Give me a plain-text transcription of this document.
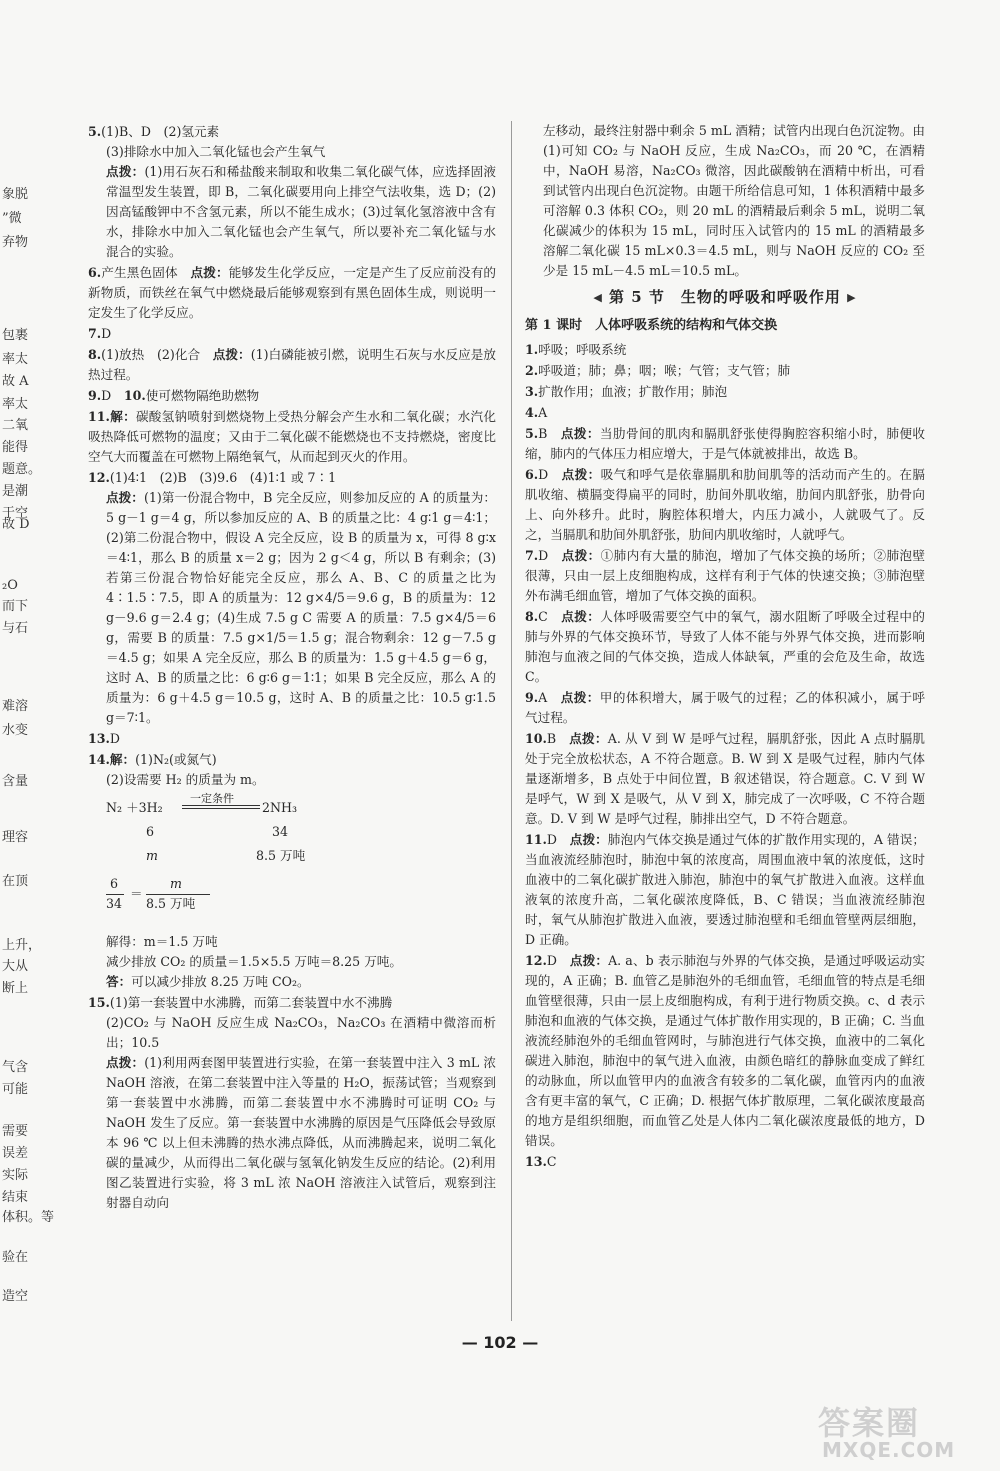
象脱
”微
弃物
包裹
率太
故 A
率太
二氧
能得
题意。
是潮
于空
故 D
₂O
而下
与石
难溶
水变
含量
理容
在顶
上升，
大从
断上
气含
可能
需要
误差
实际
结束
体积。等
验在
造空
5.(1)B、D　(2)氢元素
(3)排除水中加入二氧化锰也会产生氧气
点拨：(1)用石灰石和稀盐酸来制取和收集二氧化碳气体，应选择固液常温型发生装置，即 B，二氧化碳要用向上排空气法收集，选 D；(2)因高锰酸钾中不含氢元素，所以不能生成水；(3)过氧化氢溶液中含有水，排除水中加入二氧化锰也会产生氧气，所以要补充二氧化锰与水混合的实验。
6.产生黑色固体　点拨：能够发生化学反应，一定是产生了反应前没有的新物质，而铁丝在氧气中燃烧最后能够观察到有黑色固体生成，则说明一定发生了化学反应。
7.D
8.(1)放热　(2)化合　点拨：(1)白磷能被引燃，说明生石灰与水反应是放热过程。
9.D　10.使可燃物隔绝助燃物
11.解：碳酸氢钠喷射到燃烧物上受热分解会产生水和二氧化碳；水汽化吸热降低可燃物的温度；又由于二氧化碳不能燃烧也不支持燃烧，密度比空气大而覆盖在可燃物上隔绝氧气，从而起到灭火的作用。
12.(1)4∶1　(2)B　(3)9.6　(4)1∶1 或 7∶1
点拨：(1)第一份混合物中，B 完全反应，则参加反应的 A 的质量为：5 g－1 g＝4 g，所以参加反应的 A、B 的质量之比：4 g∶1 g＝4∶1；(2)第二份混合物中，假设 A 完全反应，设 B 的质量为 x，可得 8 g∶x＝4∶1，那么 B 的质量 x＝2 g；因为 2 g＜4 g，所以 B 有剩余；(3)若第三份混合物恰好能完全反应，那么 A、B、C 的质量之比为 4∶1.5∶7.5，即 A 的质量为：12 g×4/5＝9.6 g，B 的质量为：12 g－9.6 g＝2.4 g；(4)生成 7.5 g C 需要 A 的质量：7.5 g×4/5＝6 g，需要 B 的质量：7.5 g×1/5＝1.5 g；混合物剩余：12 g－7.5 g＝4.5 g；如果 A 完全反应，那么 B 的质量为：1.5 g＋4.5 g＝6 g，这时 A、B 的质量之比：6 g∶6 g＝1∶1；如果 B 完全反应，那么 A 的质量为：6 g＋4.5 g＝10.5 g，这时 A、B 的质量之比：10.5 g∶1.5 g＝7∶1。
13.D
14.解：(1)N₂(或氮气)
(2)设需要 H₂ 的质量为 m。
N₂ ＋3H₂
一定条件
2NH₃
6	34
m	8.5 万吨
6
34
＝
m
8.5 万吨
解得：m＝1.5 万吨
减少排放 CO₂ 的质量＝1.5×5.5 万吨＝8.25 万吨。
答：可以减少排放 8.25 万吨 CO₂。
15.(1)第一套装置中水沸腾，而第二套装置中水不沸腾
(2)CO₂ 与 NaOH 反应生成 Na₂CO₃，Na₂CO₃ 在酒精中微溶而析出；10.5
点拨：(1)利用两套图甲装置进行实验，在第一套装置中注入 3 mL 浓 NaOH 溶液，在第二套装置中注入等量的 H₂O，振荡试管；当观察到第一套装置中水沸腾，而第二套装置中水不沸腾时可证明 CO₂ 与 NaOH 发生了反应。第一套装置中水沸腾的原因是气压降低会导致原本 96 ℃ 以上但未沸腾的热水沸点降低，从而沸腾起来，说明二氧化碳的量减少，从而得出二氧化碳与氢氧化钠发生反应的结论。(2)利用图乙装置进行实验，将 3 mL 浓 NaOH 溶液注入试管后，观察到注射器自动向
左移动，最终注射器中剩余 5 mL 酒精；试管内出现白色沉淀物。由(1)可知 CO₂ 与 NaOH 反应，生成 Na₂CO₃，而 20 ℃，在酒精中，NaOH 易溶，Na₂CO₃ 微溶，因此碳酸钠在酒精中析出，可看到试管内出现白色沉淀物。由题干所给信息可知，1 体积酒精中最多可溶解 0.3 体积 CO₂，则 20 mL 的酒精最后剩余 5 mL，说明二氧化碳减少的体积为 15 mL，同时压入试管内的 15 mL 的酒精最多溶解二氧化碳 15 mL×0.3＝4.5 mL，则与 NaOH 反应的 CO₂ 至少是 15 mL－4.5 mL＝10.5 mL。
◀ 第 5 节　生物的呼吸和呼吸作用 ▶
第 1 课时　人体呼吸系统的结构和气体交换
1.呼吸；呼吸系统
2.呼吸道；肺；鼻；咽；喉；气管；支气管；肺
3.扩散作用；血液；扩散作用；肺泡
4.A
5.B　点拨：当肋骨间的肌肉和膈肌舒张使得胸腔容积缩小时，肺便收缩，肺内的气体压力相应增大，于是气体就被排出，故选 B。
6.D　点拨：吸气和呼气是依靠膈肌和肋间肌等的活动而产生的。在膈肌收缩、横膈变得扁平的同时，肋间外肌收缩，肋间内肌舒张，肋骨向上、向外移升。此时，胸腔体积增大，内压力减小，人就吸气了。反之，当膈肌和肋间外肌舒张，肋间内肌收缩时，人就呼气。
7.D　点拨：①肺内有大量的肺泡，增加了气体交换的场所；②肺泡壁很薄，只由一层上皮细胞构成，这样有利于气体的快速交换；③肺泡壁外布满毛细血管，增加了气体交换的面积。
8.C　点拨：人体呼吸需要空气中的氧气，溺水阻断了呼吸全过程中的肺与外界的气体交换环节，导致了人体不能与外界气体交换，进而影响肺泡与血液之间的气体交换，造成人体缺氧，严重的会危及生命，故选 C。
9.A　点拨：甲的体积增大，属于吸气的过程；乙的体积减小，属于呼气过程。
10.B　点拨：A. 从 V 到 W 是呼气过程，膈肌舒张，因此 A 点时膈肌处于完全放松状态，A 不符合题意。B. W 到 X 是吸气过程，肺内气体量逐渐增多，B 点处于中间位置，B 叙述错误，符合题意。C. V 到 W 是呼气，W 到 X 是吸气，从 V 到 X，肺完成了一次呼吸，C 不符合题意。D. V 到 W 是呼气过程，肺排出空气，D 不符合题意。
11.D　点拨：肺泡内气体交换是通过气体的扩散作用实现的，A 错误；当血液流经肺泡时，肺泡中氧的浓度高，周围血液中氧的浓度低，这时血液中的二氧化碳扩散进入肺泡，肺泡中的氧气扩散进入血液。这样血液氧的浓度升高，二氧化碳浓度降低，B、C 错误；当血液流经肺泡时，氧气从肺泡扩散进入血液，要透过肺泡壁和毛细血管壁两层细胞，D 正确。
12.D　点拨：A. a、b 表示肺泡与外界的气体交换，是通过呼吸运动实现的，A 正确；B. 血管乙是肺泡外的毛细血管，毛细血管的特点是毛细血管壁很薄，只由一层上皮细胞构成，有利于进行物质交换。c、d 表示肺泡和血液的气体交换，是通过气体扩散作用实现的，B 正确；C. 当血液流经肺泡外的毛细血管网时，与肺泡进行气体交换，血液中的二氧化碳进入肺泡，肺泡中的氧气进入血液，由颜色暗红的静脉血变成了鲜红的动脉血，所以血管甲内的血液含有较多的二氧化碳，血管丙内的血液含有更丰富的氧气，C 正确；D. 根据气体扩散原理，二氧化碳浓度最高的地方是组织细胞，而血管乙处是人体内二氧化碳浓度最低的地方，D 错误。
13.C
— 102 —
答案圈
MXQE.COM
